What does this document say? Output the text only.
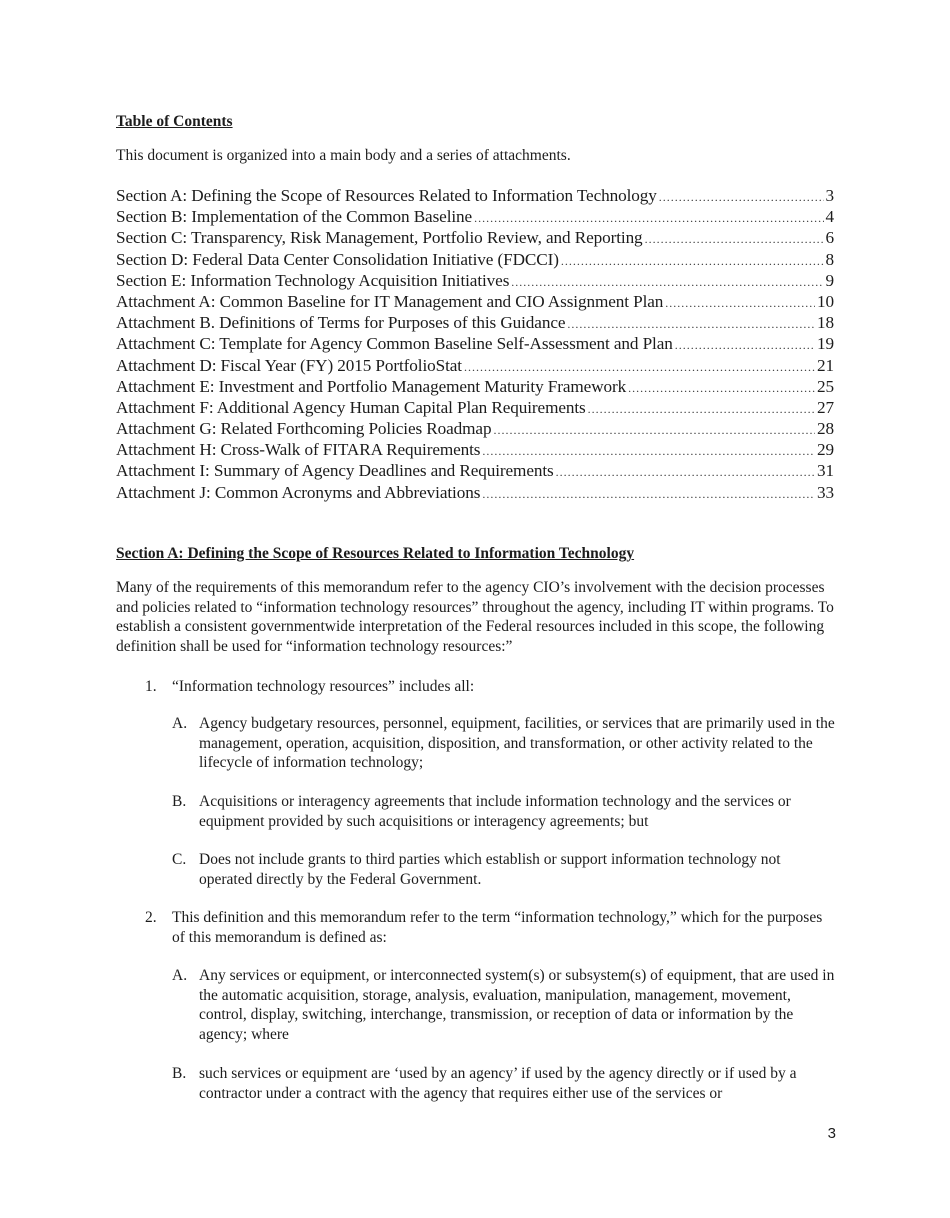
Table of Contents

This document is organized into a main body and a series of attachments.

Section A: Defining the Scope of Resources Related to Information Technology .....	3
Section B: Implementation of the Common Baseline .....	4
Section C: Transparency, Risk Management, Portfolio Review, and Reporting .....	6
Section D: Federal Data Center Consolidation Initiative (FDCCI) .....	8
Section E: Information Technology Acquisition Initiatives .....	9
Attachment A: Common Baseline for IT Management and CIO Assignment Plan .....	10
Attachment B. Definitions of Terms for Purposes of this Guidance .....	18
Attachment C: Template for Agency Common Baseline Self-Assessment and Plan .....	19
Attachment D: Fiscal Year (FY) 2015 PortfolioStat .....	21
Attachment E: Investment and Portfolio Management Maturity Framework .....	25
Attachment F: Additional Agency Human Capital Plan Requirements .....	27
Attachment G: Related Forthcoming Policies Roadmap .....	28
Attachment H: Cross-Walk of FITARA Requirements .....	29
Attachment I: Summary of Agency Deadlines and Requirements .....	31
Attachment J: Common Acronyms and Abbreviations .....	33

Section A: Defining the Scope of Resources Related to Information Technology

Many of the requirements of this memorandum refer to the agency CIO’s involvement with the decision processes and policies related to “information technology resources” throughout the agency, including IT within programs. To establish a consistent governmentwide interpretation of the Federal resources included in this scope, the following definition shall be used for “information technology resources:”

1. “Information technology resources” includes all:
A. Agency budgetary resources, personnel, equipment, facilities, or services that are primarily used in the management, operation, acquisition, disposition, and transformation, or other activity related to the lifecycle of information technology;
B. Acquisitions or interagency agreements that include information technology and the services or equipment provided by such acquisitions or interagency agreements; but
C. Does not include grants to third parties which establish or support information technology not operated directly by the Federal Government.
2. This definition and this memorandum refer to the term “information technology,” which for the purposes of this memorandum is defined as:
A. Any services or equipment, or interconnected system(s) or subsystem(s) of equipment, that are used in the automatic acquisition, storage, analysis, evaluation, manipulation, management, movement, control, display, switching, interchange, transmission, or reception of data or information by the agency; where
B. such services or equipment are ‘used by an agency’ if used by the agency directly or if used by a contractor under a contract with the agency that requires either use of the services or

3
